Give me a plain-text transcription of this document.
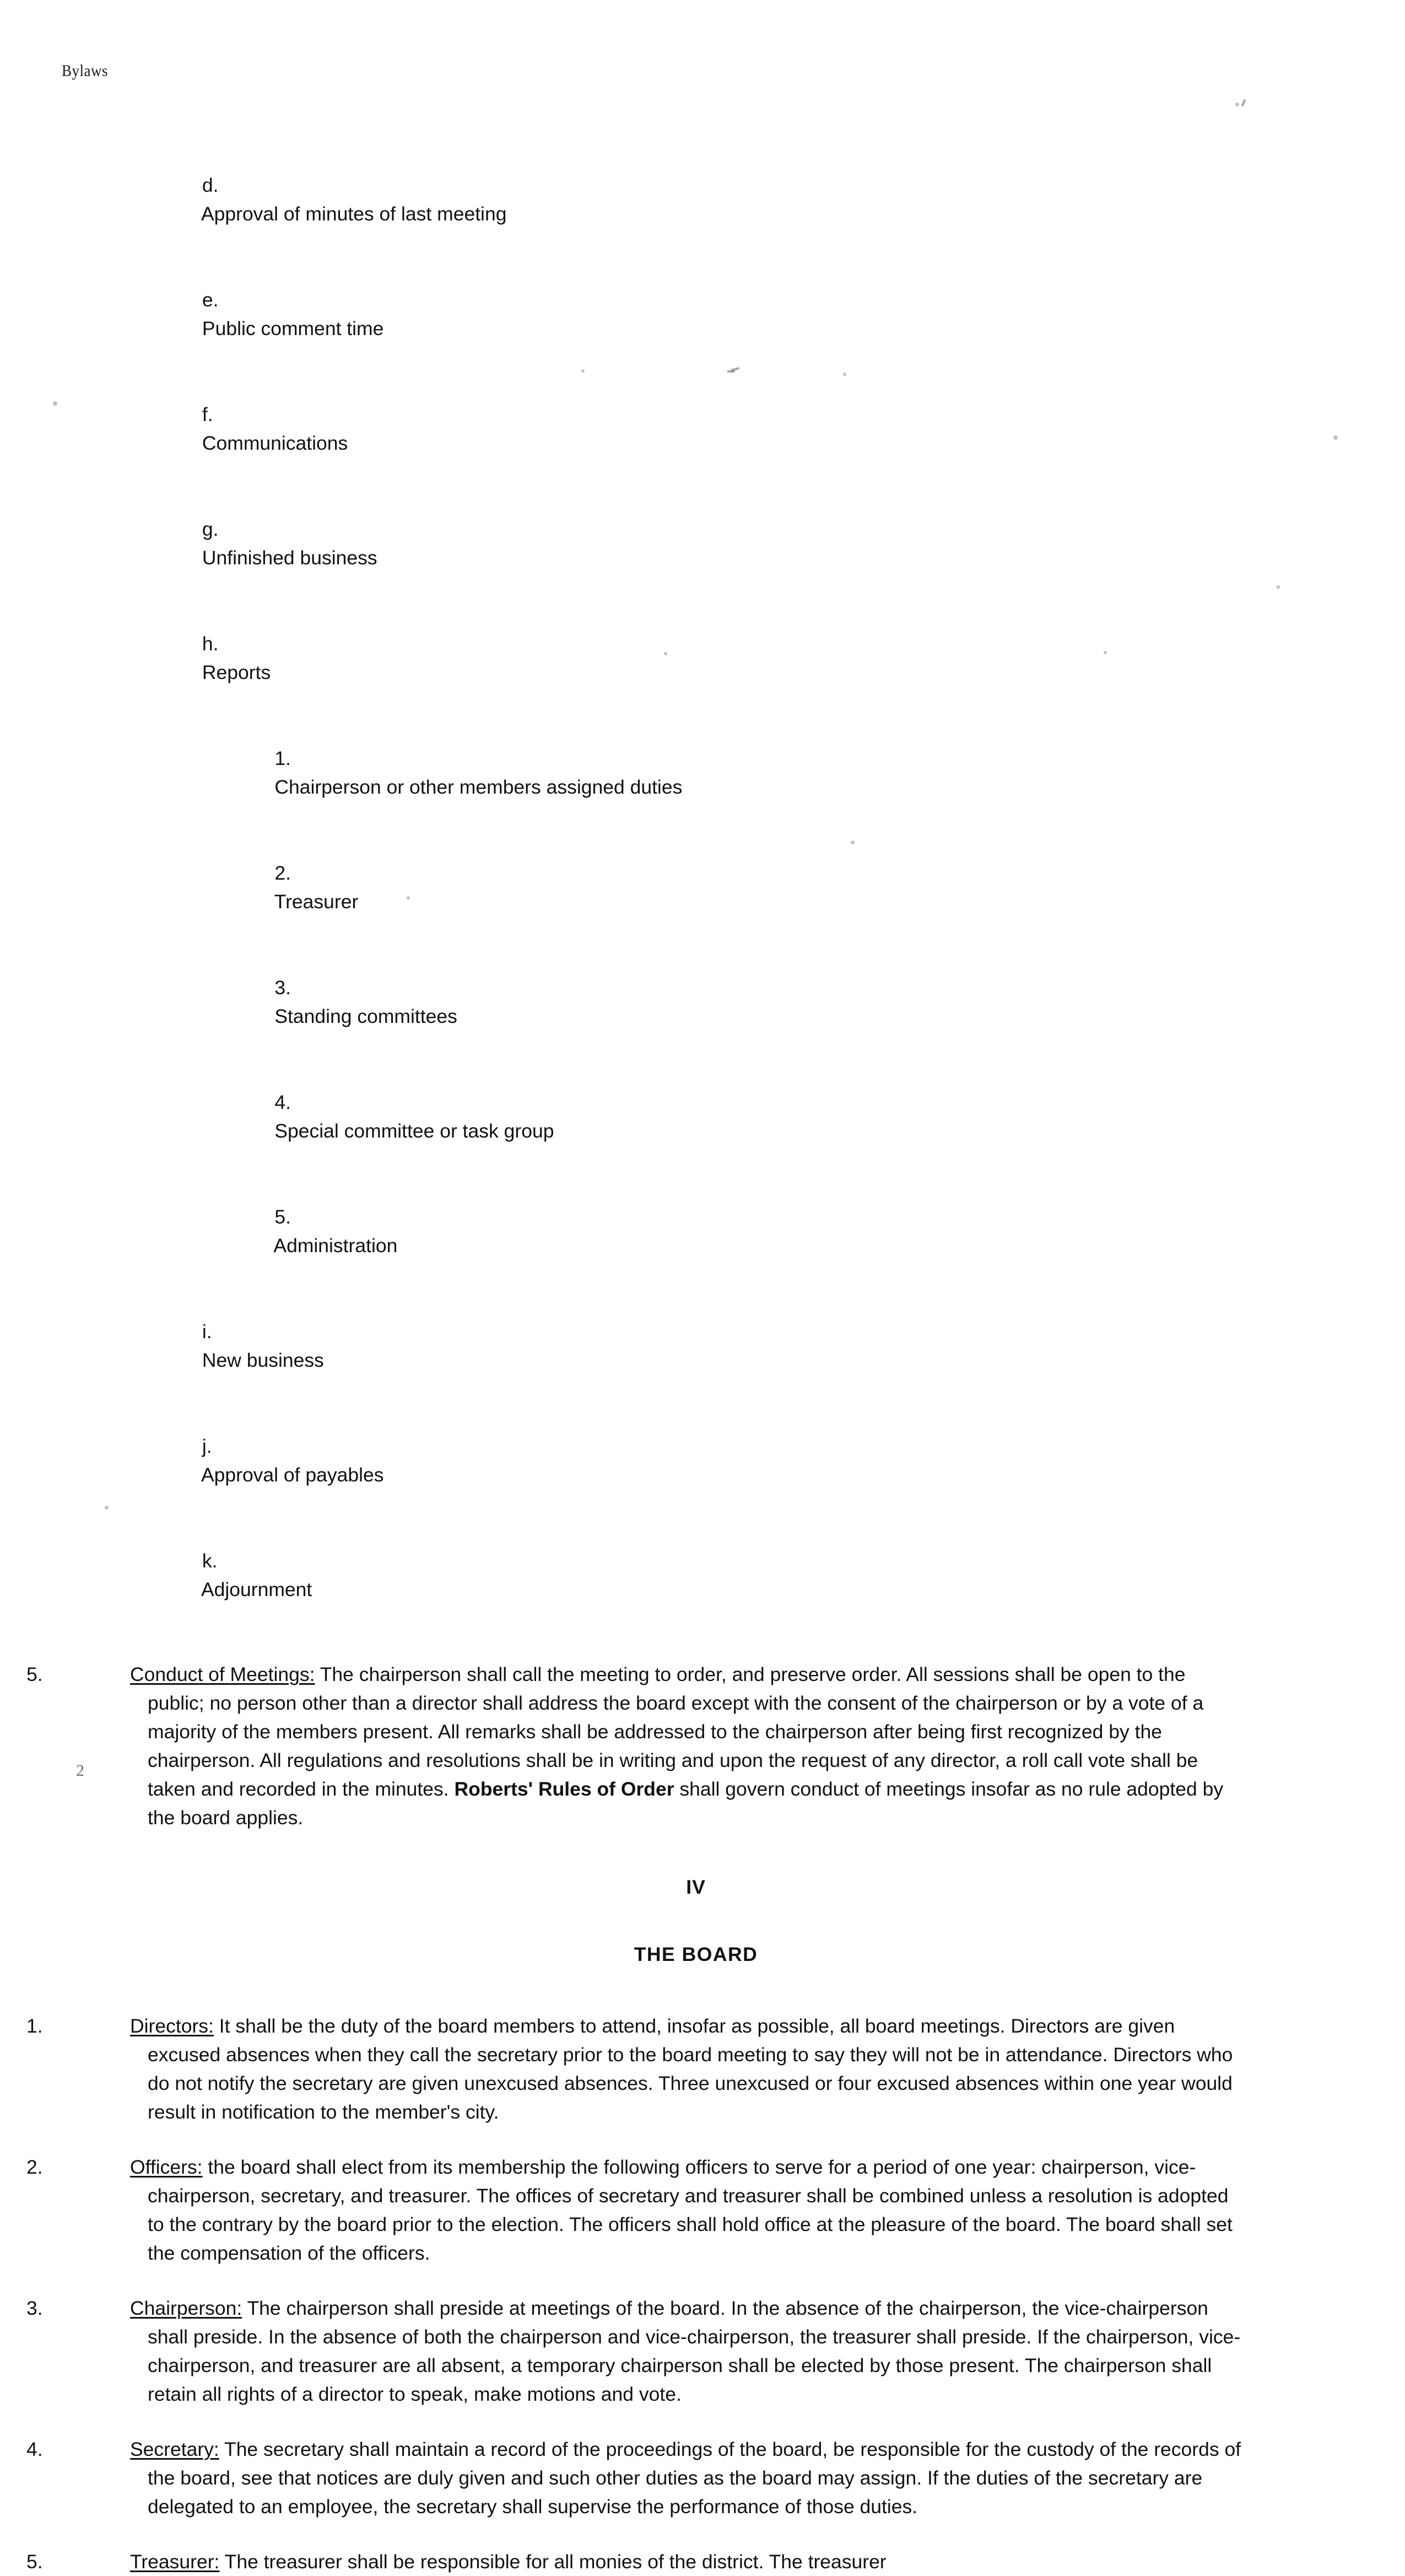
Bylaws

d.
Approval of minutes of last meeting

e.
Public comment time

f.
Communications

g.
Unfinished business

h.
Reports

1.
Chairperson or other members assigned duties

2.
Treasurer

3.
Standing committees

4.
Special committee or task group

5.
Administration

i.
New business

j.
Approval of payables

k.
Adjournment

5.	Conduct of Meetings: The chairperson shall call the meeting to order, and preserve order. All sessions shall be open to the public; no person other than a director shall address the board except with the consent of the chairperson or by a vote of a majority of the members present. All remarks shall be addressed to the chairperson after being first recognized by the chairperson. All regulations and resolutions shall be in writing and upon the request of any director, a roll call vote shall be taken and recorded in the minutes. Roberts' Rules of Order shall govern conduct of meetings insofar as no rule adopted by the board applies.

IV
THE BOARD

1.	Directors: It shall be the duty of the board members to attend, insofar as possible, all board meetings. Directors are given excused absences when they call the secretary prior to the board meeting to say they will not be in attendance. Directors who do not notify the secretary are given unexcused absences. Three unexcused or four excused absences within one year would result in notification to the member's city.

2.	Officers: the board shall elect from its membership the following officers to serve for a period of one year: chairperson, vice-chairperson, secretary, and treasurer. The offices of secretary and treasurer shall be combined unless a resolution is adopted to the contrary by the board prior to the election. The officers shall hold office at the pleasure of the board. The board shall set the compensation of the officers.

3.	Chairperson: The chairperson shall preside at meetings of the board. In the absence of the chairperson, the vice-chairperson shall preside. In the absence of both the chairperson and vice-chairperson, the treasurer shall preside. If the chairperson, vice-chairperson, and treasurer are all absent, a temporary chairperson shall be elected by those present. The chairperson shall retain all rights of a director to speak, make motions and vote.

4.	Secretary: The secretary shall maintain a record of the proceedings of the board, be responsible for the custody of the records of the board, see that notices are duly given and such other duties as the board may assign. If the duties of the secretary are delegated to an employee, the secretary shall supervise the performance of those duties.

5.	Treasurer: The treasurer shall be responsible for all monies of the district. The treasurer

2
